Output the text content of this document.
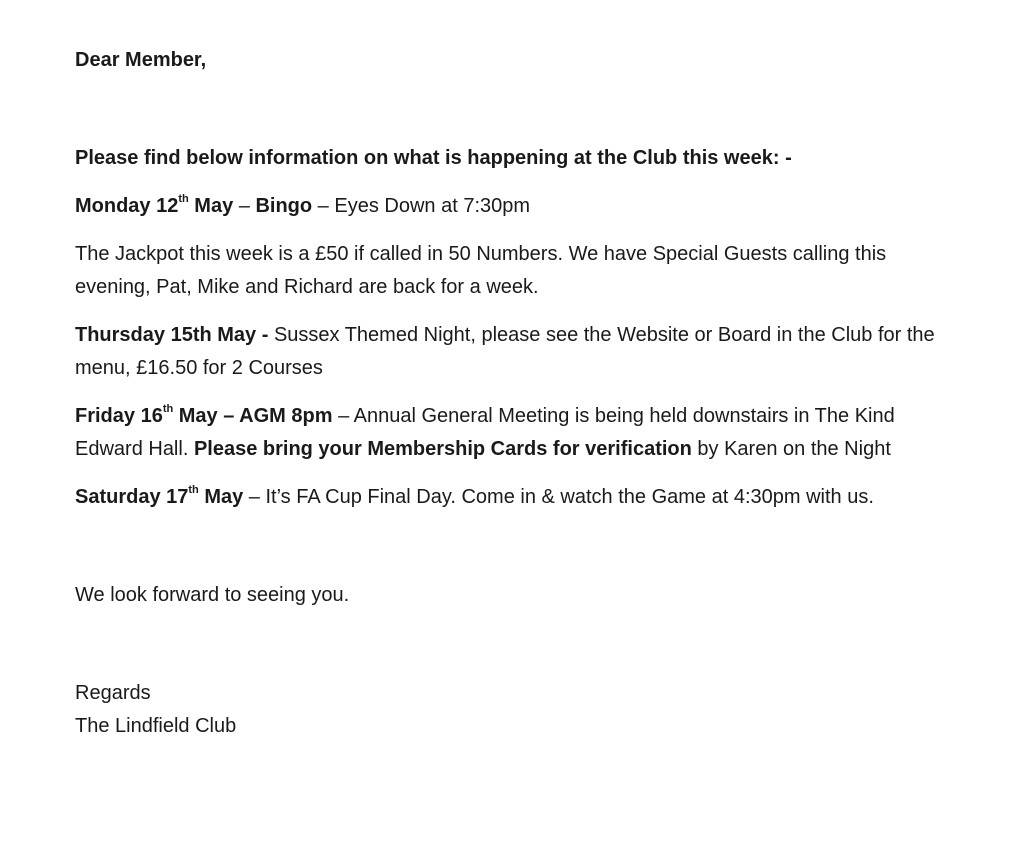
Dear Member,

Please find below information on what is happening at the Club this week: -

Monday 12th May – Bingo – Eyes Down at 7:30pm

The Jackpot this week is a £50 if called in 50 Numbers. We have Special Guests calling this evening, Pat, Mike and Richard are back for a week.

Thursday 15th May - Sussex Themed Night, please see the Website or Board in the Club for the menu, £16.50 for 2 Courses

Friday 16th May – AGM 8pm – Annual General Meeting is being held downstairs in The Kind Edward Hall. Please bring your Membership Cards for verification by Karen on the Night

Saturday 17th May – It’s FA Cup Final Day. Come in & watch the Game at 4:30pm with us.

We look forward to seeing you.

Regards

The Lindfield Club
